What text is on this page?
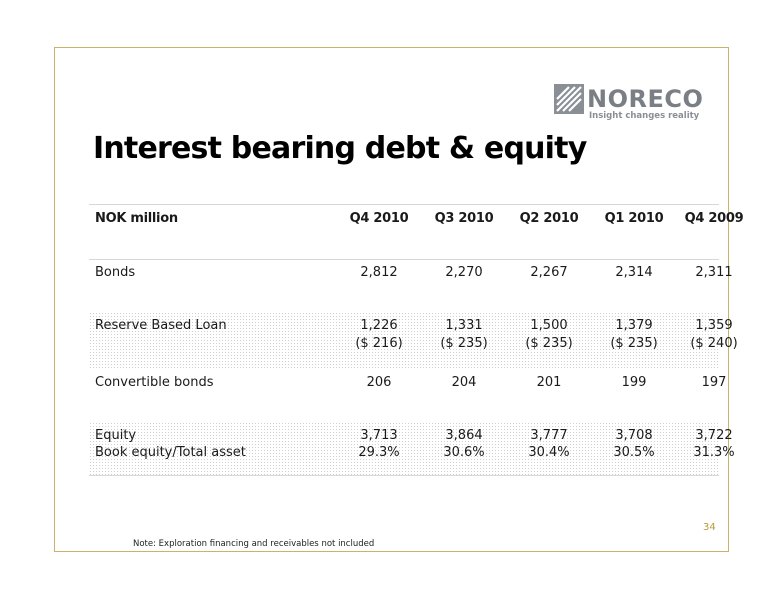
NORECO
Insight changes reality
Interest bearing debt & equity
NOK million	Q4 2010	Q3 2010	Q2 2010	Q1 2010	Q4 2009
Bonds	2,812	2,270	2,267	2,314	2,311
Reserve Based Loan	1,226	1,331	1,500	1,379	1,359
($ 216)	($ 235)	($ 235)	($ 235)	($ 240)
Convertible bonds	206	204	201	199	197
Equity	3,713	3,864	3,777	3,708	3,722
Book equity/Total asset	29.3%	30.6%	30.4%	30.5%	31.3%
34
Note: Exploration financing and receivables not included
